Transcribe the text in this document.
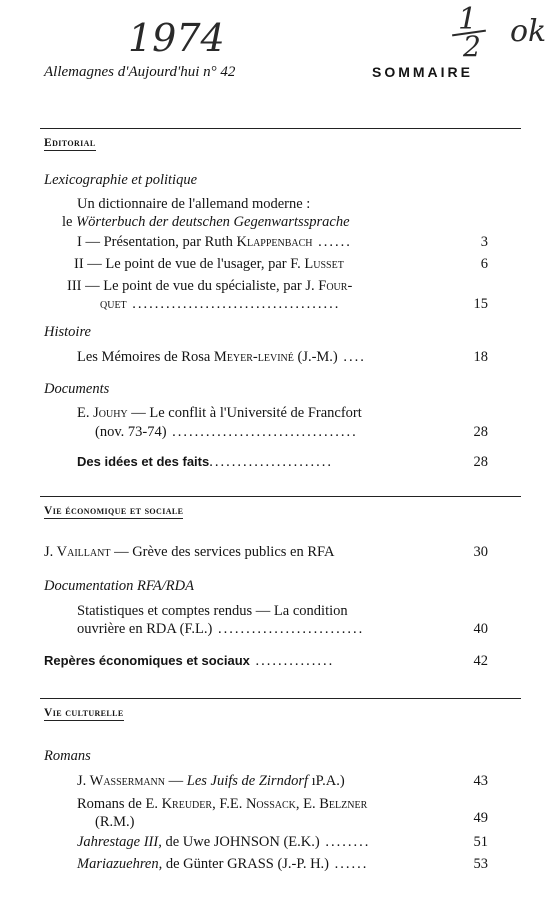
1974	1
2 ok
Allemagnes d'Aujourd'hui n° 42	SOMMAIRE
Editorial
Lexicographie et politique
Un dictionnaire de l'allemand moderne :
le Wörterbuch der deutschen Gegenwartssprache
I — Présentation, par Ruth Klappenbach ......	3
II — Le point de vue de l'usager, par F. Lusset	6
III — Le point de vue du spécialiste, par J. Four-
quet .....................................	15
Histoire
Les Mémoires de Rosa Meyer-leviné (J.-M.) ....	18
Documents
E. Jouhy — Le conflit à l'Université de Francfort
(nov. 73-74) .................................	28
Des idées et des faits......................	28
Vie économique et sociale
J. Vaillant — Grève des services publics en RFA	30
Documentation RFA/RDA
Statistiques et comptes rendus — La condition
ouvrière en RDA (F.L.) ..........................	40
Repères économiques et sociaux ..............	42
Vie culturelle
Romans
J. Wassermann — Les Juifs de Zirndorf ıP.A.)	43
Romans de E. Kreuder, F.E. Nossack, E. Belzner
(R.M.)	49
Jahrestage III, de Uwe JOHNSON (E.K.) ........	51
Mariazuehren, de Günter GRASS (J.-P. H.) ......	53
